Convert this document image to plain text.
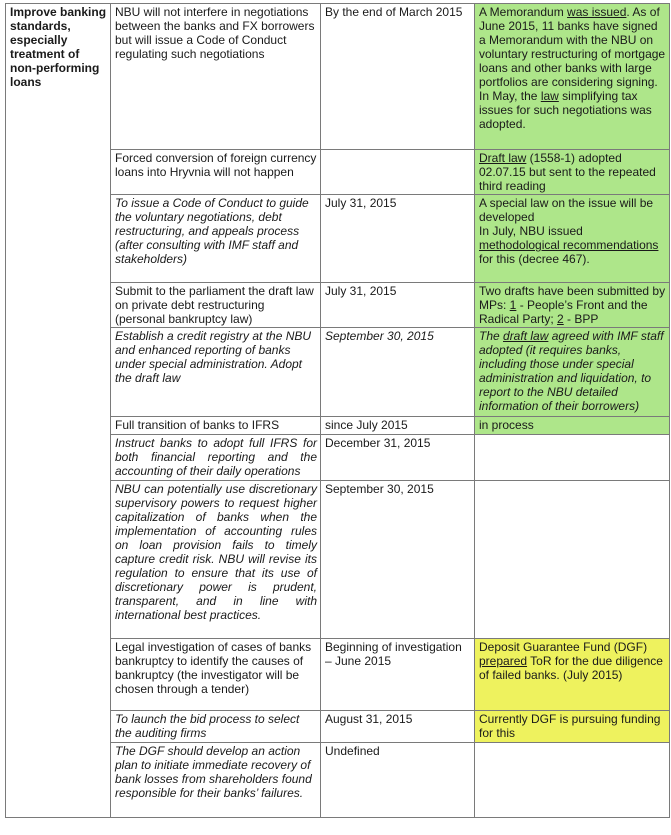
Improve banking standards, especially treatment of non-performing loans	NBU will not interfere in negotiations between the banks and FX borrowers but will issue a Code of Conduct regulating such negotiations	By the end of March 2015	A Memorandum was issued. As of June 2015, 11 banks have signed a Memorandum with the NBU on voluntary restructuring of mortgage loans and other banks with large portfolios are considering signing.
In May, the law simplifying tax issues for such negotiations was adopted.
	Forced conversion of foreign currency loans into Hryvnia will not happen		Draft law (1558-1) adopted 02.07.15 but sent to the repeated third reading
	To issue a Code of Conduct to guide the voluntary negotiations, debt restructuring, and appeals process (after consulting with IMF staff and stakeholders)	July 31, 2015	A special law on the issue will be developed
In July, NBU issued methodological recommendations for this (decree 467).
	Submit to the parliament the draft law on private debt restructuring (personal bankruptcy law)	July 31, 2015	Two drafts have been submitted by MPs: 1 - People’s Front and the Radical Party; 2 - BPP
	Establish a credit registry at the NBU and enhanced reporting of banks under special administration. Adopt the draft law	September 30, 2015	The draft law agreed with IMF staff adopted (it requires banks, including those under special administration and liquidation, to report to the NBU detailed information of their borrowers)
	Full transition of banks to IFRS	since July 2015	in process
	Instruct banks to adopt full IFRS for both financial reporting and the accounting of their daily operations	December 31, 2015	
	NBU can potentially use discretionary supervisory powers to request higher capitalization of banks when the implementation of accounting rules on loan provision fails to timely capture credit risk. NBU will revise its regulation to ensure that its use of discretionary power is prudent, transparent, and in line with international best practices.	September 30, 2015	
	Legal investigation of cases of banks bankruptcy to identify the causes of bankruptcy (the investigator will be chosen through a tender)	Beginning of investigation – June 2015	Deposit Guarantee Fund (DGF) prepared ToR for the due diligence of failed banks. (July 2015)
	To launch the bid process to select the auditing firms	August 31, 2015	Currently DGF is pursuing funding for this
	The DGF should develop an action plan to initiate immediate recovery of bank losses from shareholders found responsible for their banks’ failures.	Undefined	
